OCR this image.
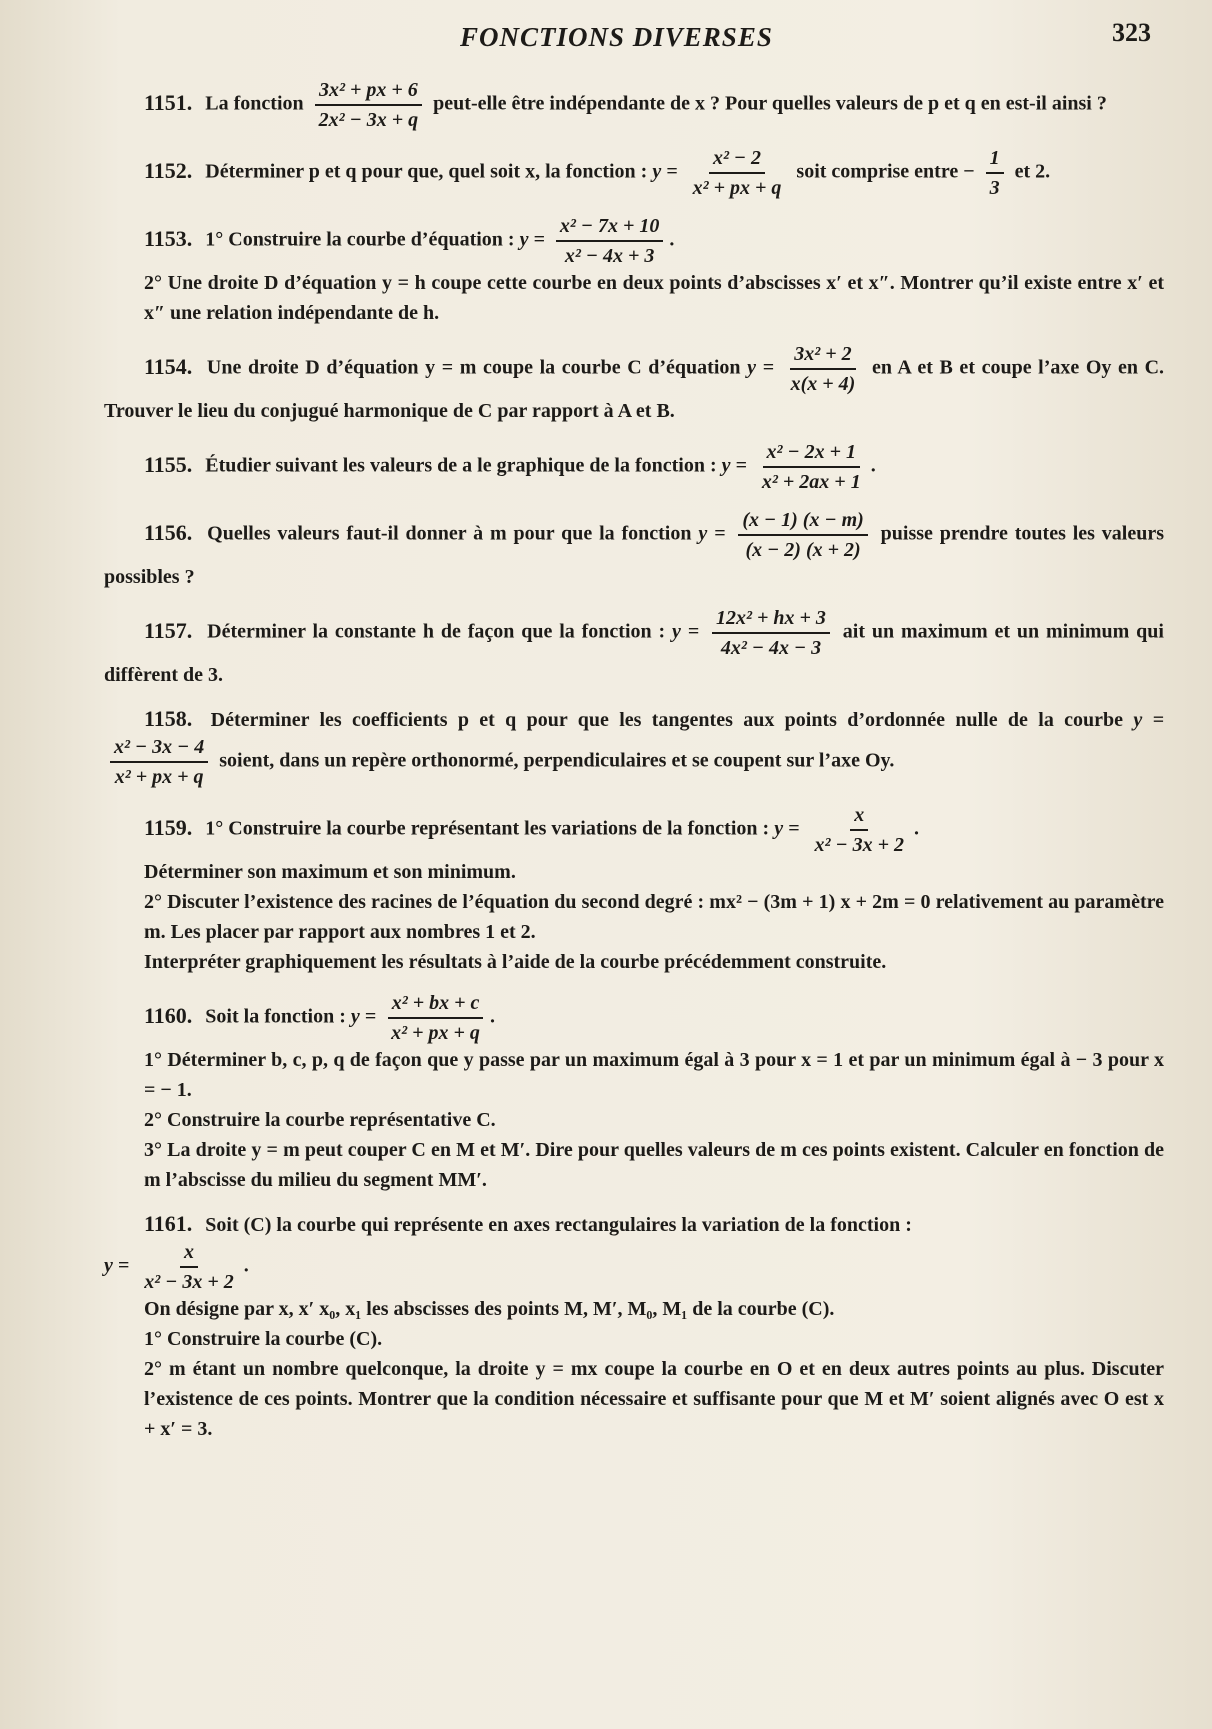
FONCTIONS DIVERSES	323

1151. La fonction $\frac{\text{3x² + px + 6}}{\text{2x² − 3x + q}}$ peut-elle être indépendante de x ? Pour quelles valeurs de p et q en est-il ainsi ?

1152. Déterminer p et q pour que, quel soit x, la fonction : $y = \frac{\text{x² − 2}}{\text{x² + px + q}}$ soit comprise entre − $\frac{1}{3}$ et 2.

1153. 1° Construire la courbe d’équation : $y = \frac{\text{x² − 7x + 10}}{\text{x² − 4x + 3}}$ .

2° Une droite D d’équation y = h coupe cette courbe en deux points d’abscisses x′ et x″. Montrer qu’il existe entre x′ et x″ une relation indépendante de h.

1154. Une droite D d’équation y = m coupe la courbe C d’équation $y = \frac{\text{3x² + 2}}{x(x + 4)}$ en A et B et coupe l’axe Oy en C. Trouver le lieu du conjugué harmonique de C par rapport à A et B.

1155. Étudier suivant les valeurs de a le graphique de la fonction : $y = \frac{\text{x² − 2x + 1}}{\text{x² + 2ax + 1}}$ .

1156. Quelles valeurs faut-il donner à m pour que la fonction $y = \frac{(x - 1) (x - m)}{(x - 2) (x + 2)}$ puisse prendre toutes les valeurs possibles ?

1157. Déterminer la constante h de façon que la fonction : $y = \frac{\text{12x² + hx + 3}}{\text{4x² − 4x − 3}}$ ait un maximum et un minimum qui diffèrent de 3.

1158. Déterminer les coefficients p et q pour que les tangentes aux points d’ordonnée nulle de la courbe y =
$\frac{\text{x² − 3x − 4}}{\text{x² + px + q}}$ soient, dans un repère orthonormé, perpendiculaires et se coupent sur l’axe Oy.

1159. 1° Construire la courbe représentant les variations de la fonction : $y = \frac{x}{\text{x² − 3x + 2}}$ .

Déterminer son maximum et son minimum.

2° Discuter l’existence des racines de l’équation du second degré : mx² − (3m + 1) x + 2m = 0 relativement au paramètre m. Les placer par rapport aux nombres 1 et 2.

Interpréter graphiquement les résultats à l’aide de la courbe précédemment construite.

1160. Soit la fonction : $y = \frac{\text{x² + bx + c}}{\text{x² + px + q}}$ .

1° Déterminer b, c, p, q de façon que y passe par un maximum égal à 3 pour x = 1 et par un minimum égal à − 3 pour x = − 1.

2° Construire la courbe représentative C.

3° La droite y = m peut couper C en M et M′. Dire pour quelles valeurs de m ces points existent. Calculer en fonction de m l’abscisse du milieu du segment MM′.

1161. Soit (C) la courbe qui représente en axes rectangulaires la variation de la fonction :

$y = \frac{x}{\text{x² − 3x + 2}}$ .

On désigne par x, x′ x₀, x₁ les abscisses des points M, M′, M₀, M₁ de la courbe (C).

1° Construire la courbe (C).

2° m étant un nombre quelconque, la droite y = mx coupe la courbe en O et en deux autres points au plus. Discuter l’existence de ces points. Montrer que la condition nécessaire et suffisante pour que M et M′ soient alignés avec O est x + x′ = 3.
